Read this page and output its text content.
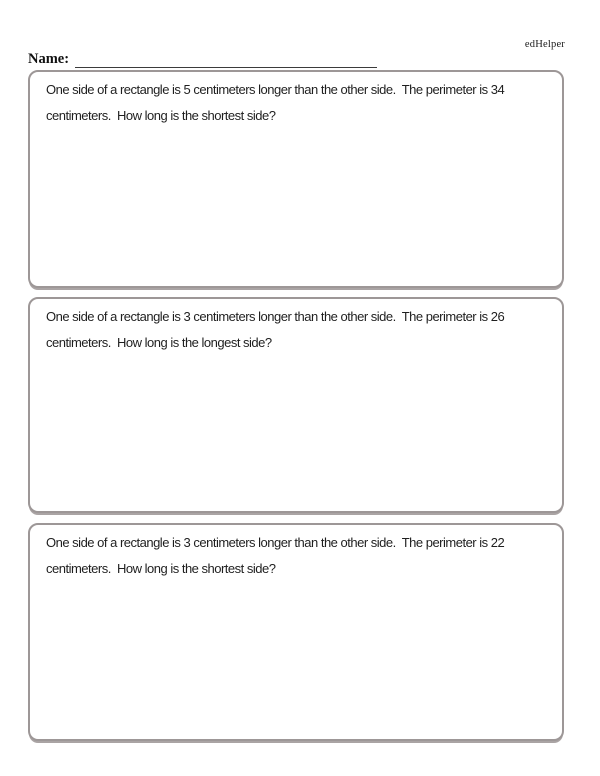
edHelper
Name:
One side of a rectangle is 5 centimeters longer than the other side.  The perimeter is 34
centimeters.  How long is the shortest side?
One side of a rectangle is 3 centimeters longer than the other side.  The perimeter is 26
centimeters.  How long is the longest side?
One side of a rectangle is 3 centimeters longer than the other side.  The perimeter is 22
centimeters.  How long is the shortest side?
